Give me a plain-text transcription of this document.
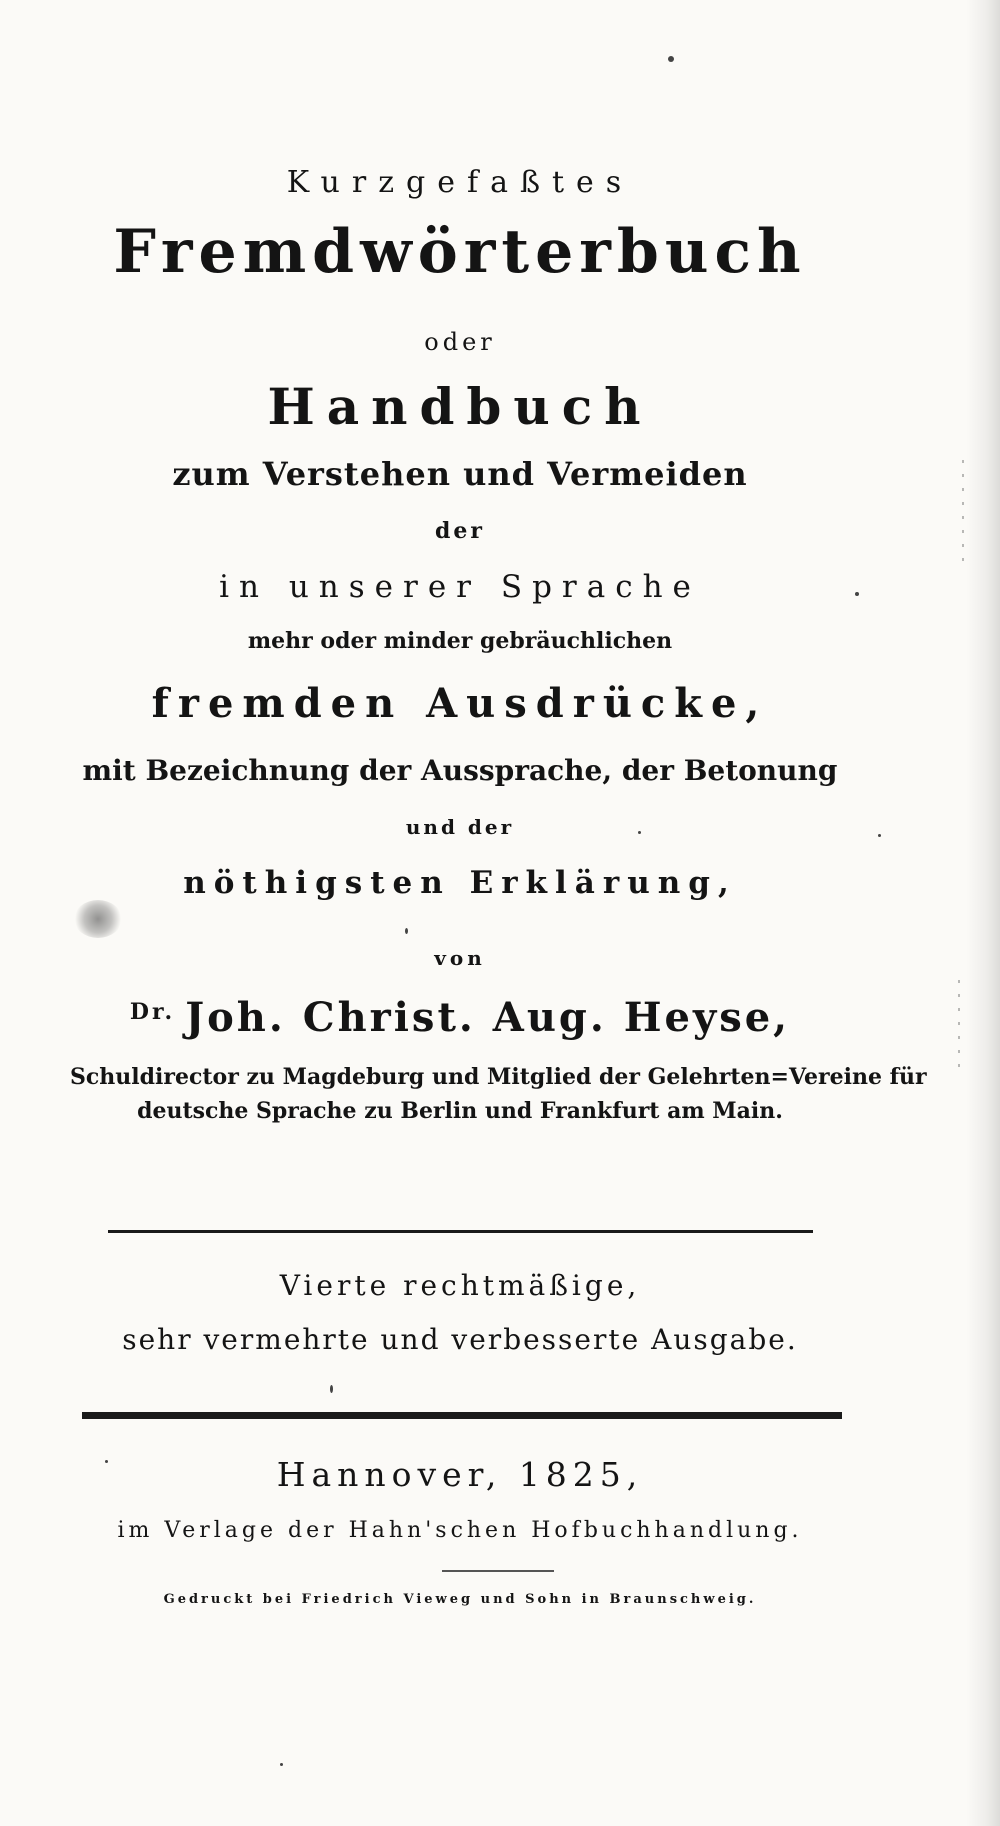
Kurzgefaßtes
Fremdwörterbuch
oder
Handbuch
zum Verstehen und Vermeiden
der
in unserer Sprache
mehr oder minder gebräuchlichen
fremden Ausdrücke,
mit Bezeichnung der Aussprache, der Betonung
und der
nöthigsten Erklärung,
von
$^{Dr.}$ Joh. Christ. Aug. Heyse,
Schuldirector zu Magdeburg und Mitglied der Gelehrten=Vereine für
deutsche Sprache zu Berlin und Frankfurt am Main.
Vierte rechtmäßige,
sehr vermehrte und verbesserte Ausgabe.
Hannover, 1825,
im Verlage der Hahn'schen Hofbuchhandlung.
Gedruckt bei Friedrich Vieweg und Sohn in Braunschweig.
